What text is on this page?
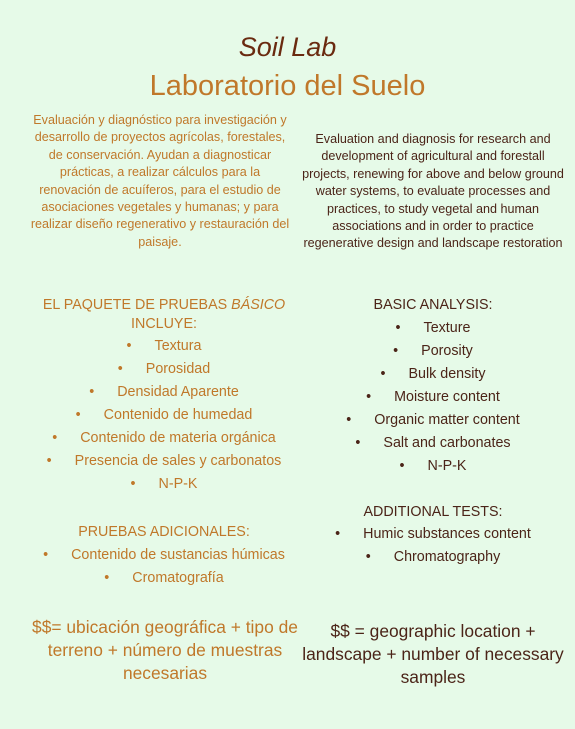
Soil Lab
Laboratorio del Suelo
Evaluación y diagnóstico para investigación y desarrollo de proyectos agrícolas, forestales, de conservación. Ayudan a diagnosticar prácticas, a realizar cálculos para la renovación de acuíferos, para el estudio de asociaciones vegetales y humanas; y para realizar diseño regenerativo y restauración del paisaje.
Evaluation and diagnosis for research and development of agricultural and forestall projects, renewing for above and below ground water systems, to evaluate processes and practices, to study vegetal and human associations and in order to practice regenerative design and landscape restoration
EL PAQUETE DE PRUEBAS BÁSICO INCLUYE:
• Textura
• Porosidad
• Densidad Aparente
• Contenido de humedad
• Contenido de materia orgánica
• Presencia de sales y carbonatos
• N-P-K
BASIC ANALYSIS:
• Texture
• Porosity
• Bulk density
• Moisture content
• Organic matter content
• Salt and carbonates
• N-P-K
PRUEBAS ADICIONALES:
• Contenido de sustancias húmicas
• Cromatografía
ADDITIONAL TESTS:
• Humic substances content
• Chromatography
$$= ubicación geográfica + tipo de terreno + número de muestras necesarias
$$ = geographic location + landscape + number of necessary samples
